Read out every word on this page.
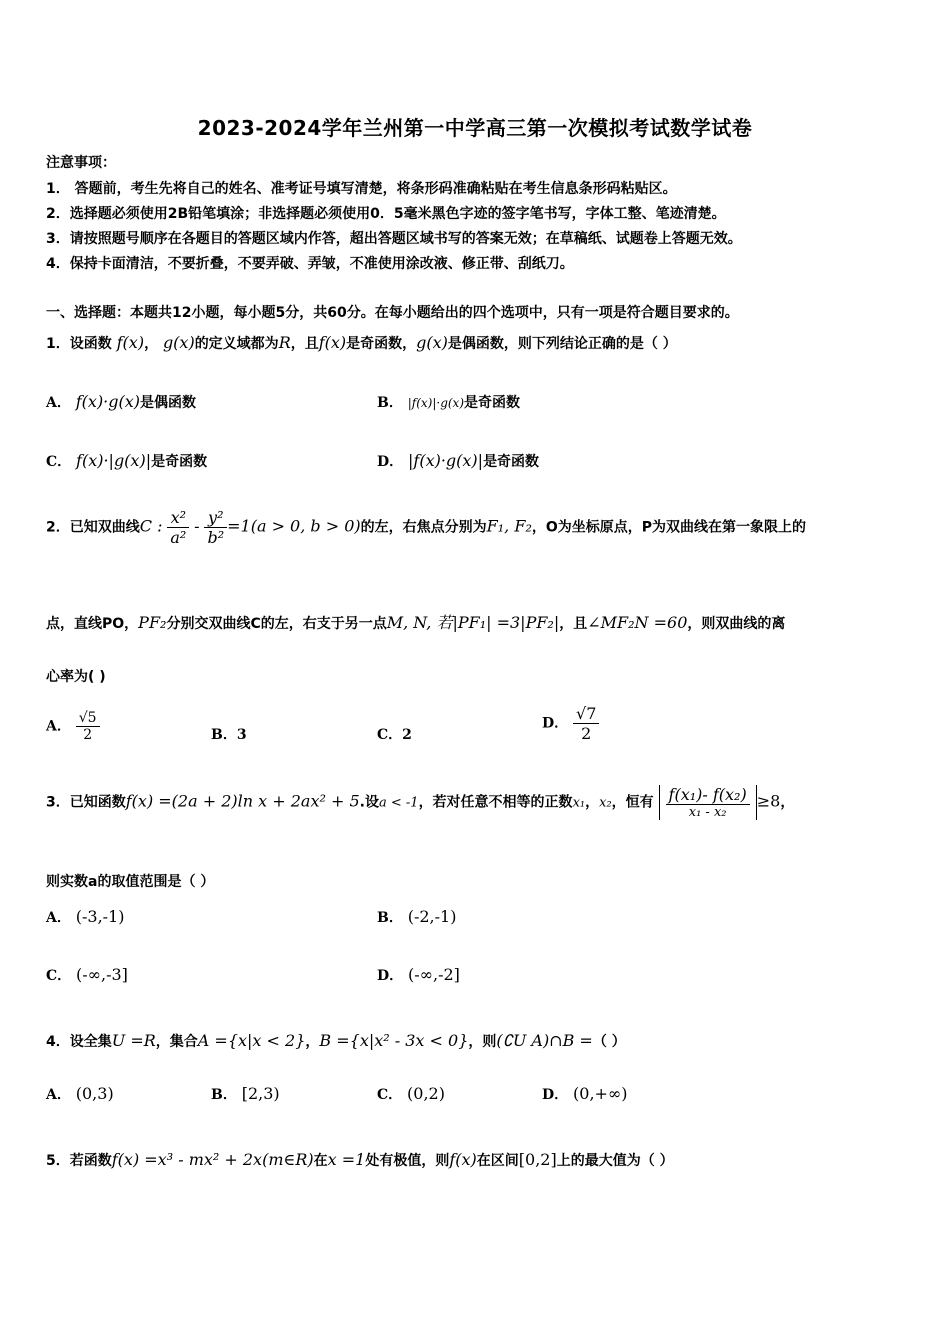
2023-2024学年兰州第一中学高三第一次模拟考试数学试卷
注意事项：
1． 答题前，考生先将自己的姓名、准考证号填写清楚，将条形码准确粘贴在考生信息条形码粘贴区。
2．选择题必须使用2B铅笔填涂；非选择题必须使用0．5毫米黑色字迹的签字笔书写，字体工整、笔迹清楚。
3．请按照题号顺序在各题目的答题区域内作答，超出答题区域书写的答案无效；在草稿纸、试题卷上答题无效。
4．保持卡面清洁，不要折叠，不要弄破、弄皱，不准使用涂改液、修正带、刮纸刀。
一、选择题：本题共12小题，每小题5分，共60分。在每小题给出的四个选项中，只有一项是符合题目要求的。
1．设函数 f(x)， g(x)的定义域都为R，且f(x)是奇函数，g(x)是偶函数，则下列结论正确的是（ ）
A． f(x)·g(x)是偶函数	B． |f(x)|·g(x)是奇函数
C． f(x)·|g(x)|是奇函数	D． |f(x)·g(x)|是奇函数
2．已知双曲线C : $\frac{\text{x²}}{\text{a²}} - \frac{\text{y²}}{\text{b²}} =1(a > 0$, b > 0)的左，右焦点分别为F₁, F₂，O为坐标原点，P为双曲线在第一象限上的
点，直线PO，PF₂分别交双曲线C的左，右支于另一点M, N, 若|PF₁| =3|PF₂|，且∠MF₂N =60，则双曲线的离
心率为( )
A． $\frac{√5}{2}$	B．3	C．2
D． $\frac{√7}{2}$
3．已知函数f(x) =(2a + 2)ln x + 2ax² + 5.设a < -1，若对任意不相等的正数x₁，x₂，恒有 $\frac{\text{f(x₁)- f(x₂)}}{\text{x₁ - x₂}} \ge 8$，
则实数a的取值范围是（ ）
A． (-3,-1)	B． (-2,-1)
C． (-∞,-3]	D． (-∞,-2]
4．设全集U =R，集合A ={x|x < 2}，B ={x|x² - 3x < 0}，则(∁U A)∩B =（ ）
A． (0,3)	B． [2,3)	C． (0,2)	D． (0,+∞)
5．若函数f(x) =x³ - mx² + 2x(m∈R)在x =1处有极值，则f(x)在区间[0,2]上的最大值为（ ）
